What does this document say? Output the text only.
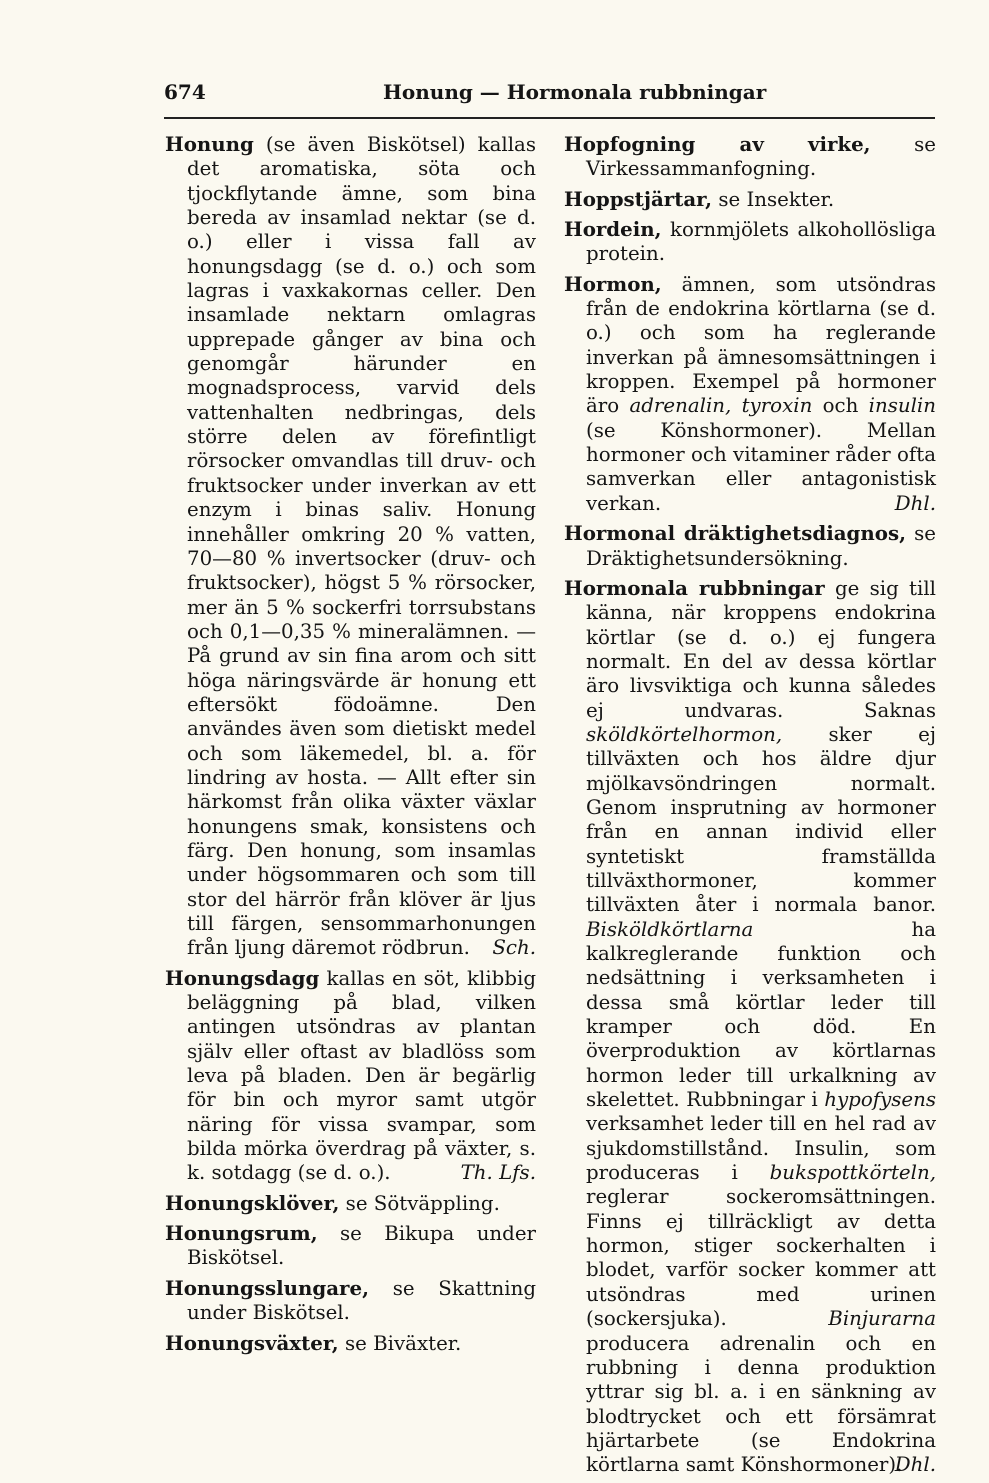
674	Honung — Hormonala rubbningar

Honung (se även Biskötsel) kallas det aromatiska, söta och tjockflytande ämne, som bina bereda av insamlad nektar (se d. o.) eller i vissa fall av honungsdagg (se d. o.) och som lagras i vaxkakornas celler. Den insamlade nektarn omlagras upprepade gånger av bina och genomgår härunder en mognadsprocess, varvid dels vattenhalten nedbringas, dels större delen av förefintligt rörsocker omvandlas till druv- och fruktsocker under inverkan av ett enzym i binas saliv. Honung innehåller omkring 20 % vatten, 70—80 % invertsocker (druv- och fruktsocker), högst 5 % rörsocker, mer än 5 % sockerfri torrsubstans och 0,1—0,35 % mineralämnen. — På grund av sin fina arom och sitt höga näringsvärde är honung ett eftersökt födoämne. Den användes även som dietiskt medel och som läkemedel, bl. a. för lindring av hosta. — Allt efter sin härkomst från olika växter växlar honungens smak, konsistens och färg. Den honung, som insamlas under högsommaren och som till stor del härrör från klöver är ljus till färgen, sensommarhonungen från ljung däremot rödbrun. Sch.

Honungsdagg kallas en söt, klibbig beläggning på blad, vilken antingen utsöndras av plantan själv eller oftast av bladlöss som leva på bladen. Den är begärlig för bin och myror samt utgör näring för vissa svampar, som bilda mörka överdrag på växter, s. k. sotdagg (se d. o.).	Th. Lfs.

Honungsklöver, se Sötväppling.

Honungsrum, se Bikupa under Biskötsel.

Honungsslungare, se Skattning under Biskötsel.

Honungsväxter, se Biväxter.

Hopfogning av virke, se Virkessammanfogning.

Hoppstjärtar, se Insekter.

Hordein, kornmjölets alkohollösliga protein.

Hormon, ämnen, som utsöndras från de endokrina körtlarna (se d. o.) och som ha reglerande inverkan på ämnesomsättningen i kroppen. Exempel på hormoner äro adrenalin, tyroxin och insulin (se Könshormoner). Mellan hormoner och vitaminer råder ofta samverkan eller antagonistisk verkan.	Dhl.

Hormonal dräktighetsdiagnos, se Dräktighetsundersökning.

Hormonala rubbningar ge sig till känna, när kroppens endokrina körtlar (se d. o.) ej fungera normalt. En del av dessa körtlar äro livsviktiga och kunna således ej undvaras. Saknas sköldkörtelhormon, sker ej tillväxten och hos äldre djur mjölkavsöndringen normalt. Genom insprutning av hormoner från en annan individ eller syntetiskt framställda tillväxthormoner, kommer tillväxten åter i normala banor. Bisköldkörtlarna ha kalkreglerande funktion och nedsättning i verksamheten i dessa små körtlar leder till kramper och död. En överproduktion av körtlarnas hormon leder till urkalkning av skelettet. Rubbningar i hypofysens verksamhet leder till en hel rad av sjukdomstillstånd. Insulin, som produceras i bukspottkörteln, reglerar sockeromsättningen. Finns ej tillräckligt av detta hormon, stiger sockerhalten i blodet, varför socker kommer att utsöndras med urinen (sockersjuka). Binjurarna producera adrenalin och en rubbning i denna produktion yttrar sig bl. a. i en sänkning av blodtrycket och ett försämrat hjärtarbete (se Endokrina körtlarna samt Könshormoner).
Dhl.
